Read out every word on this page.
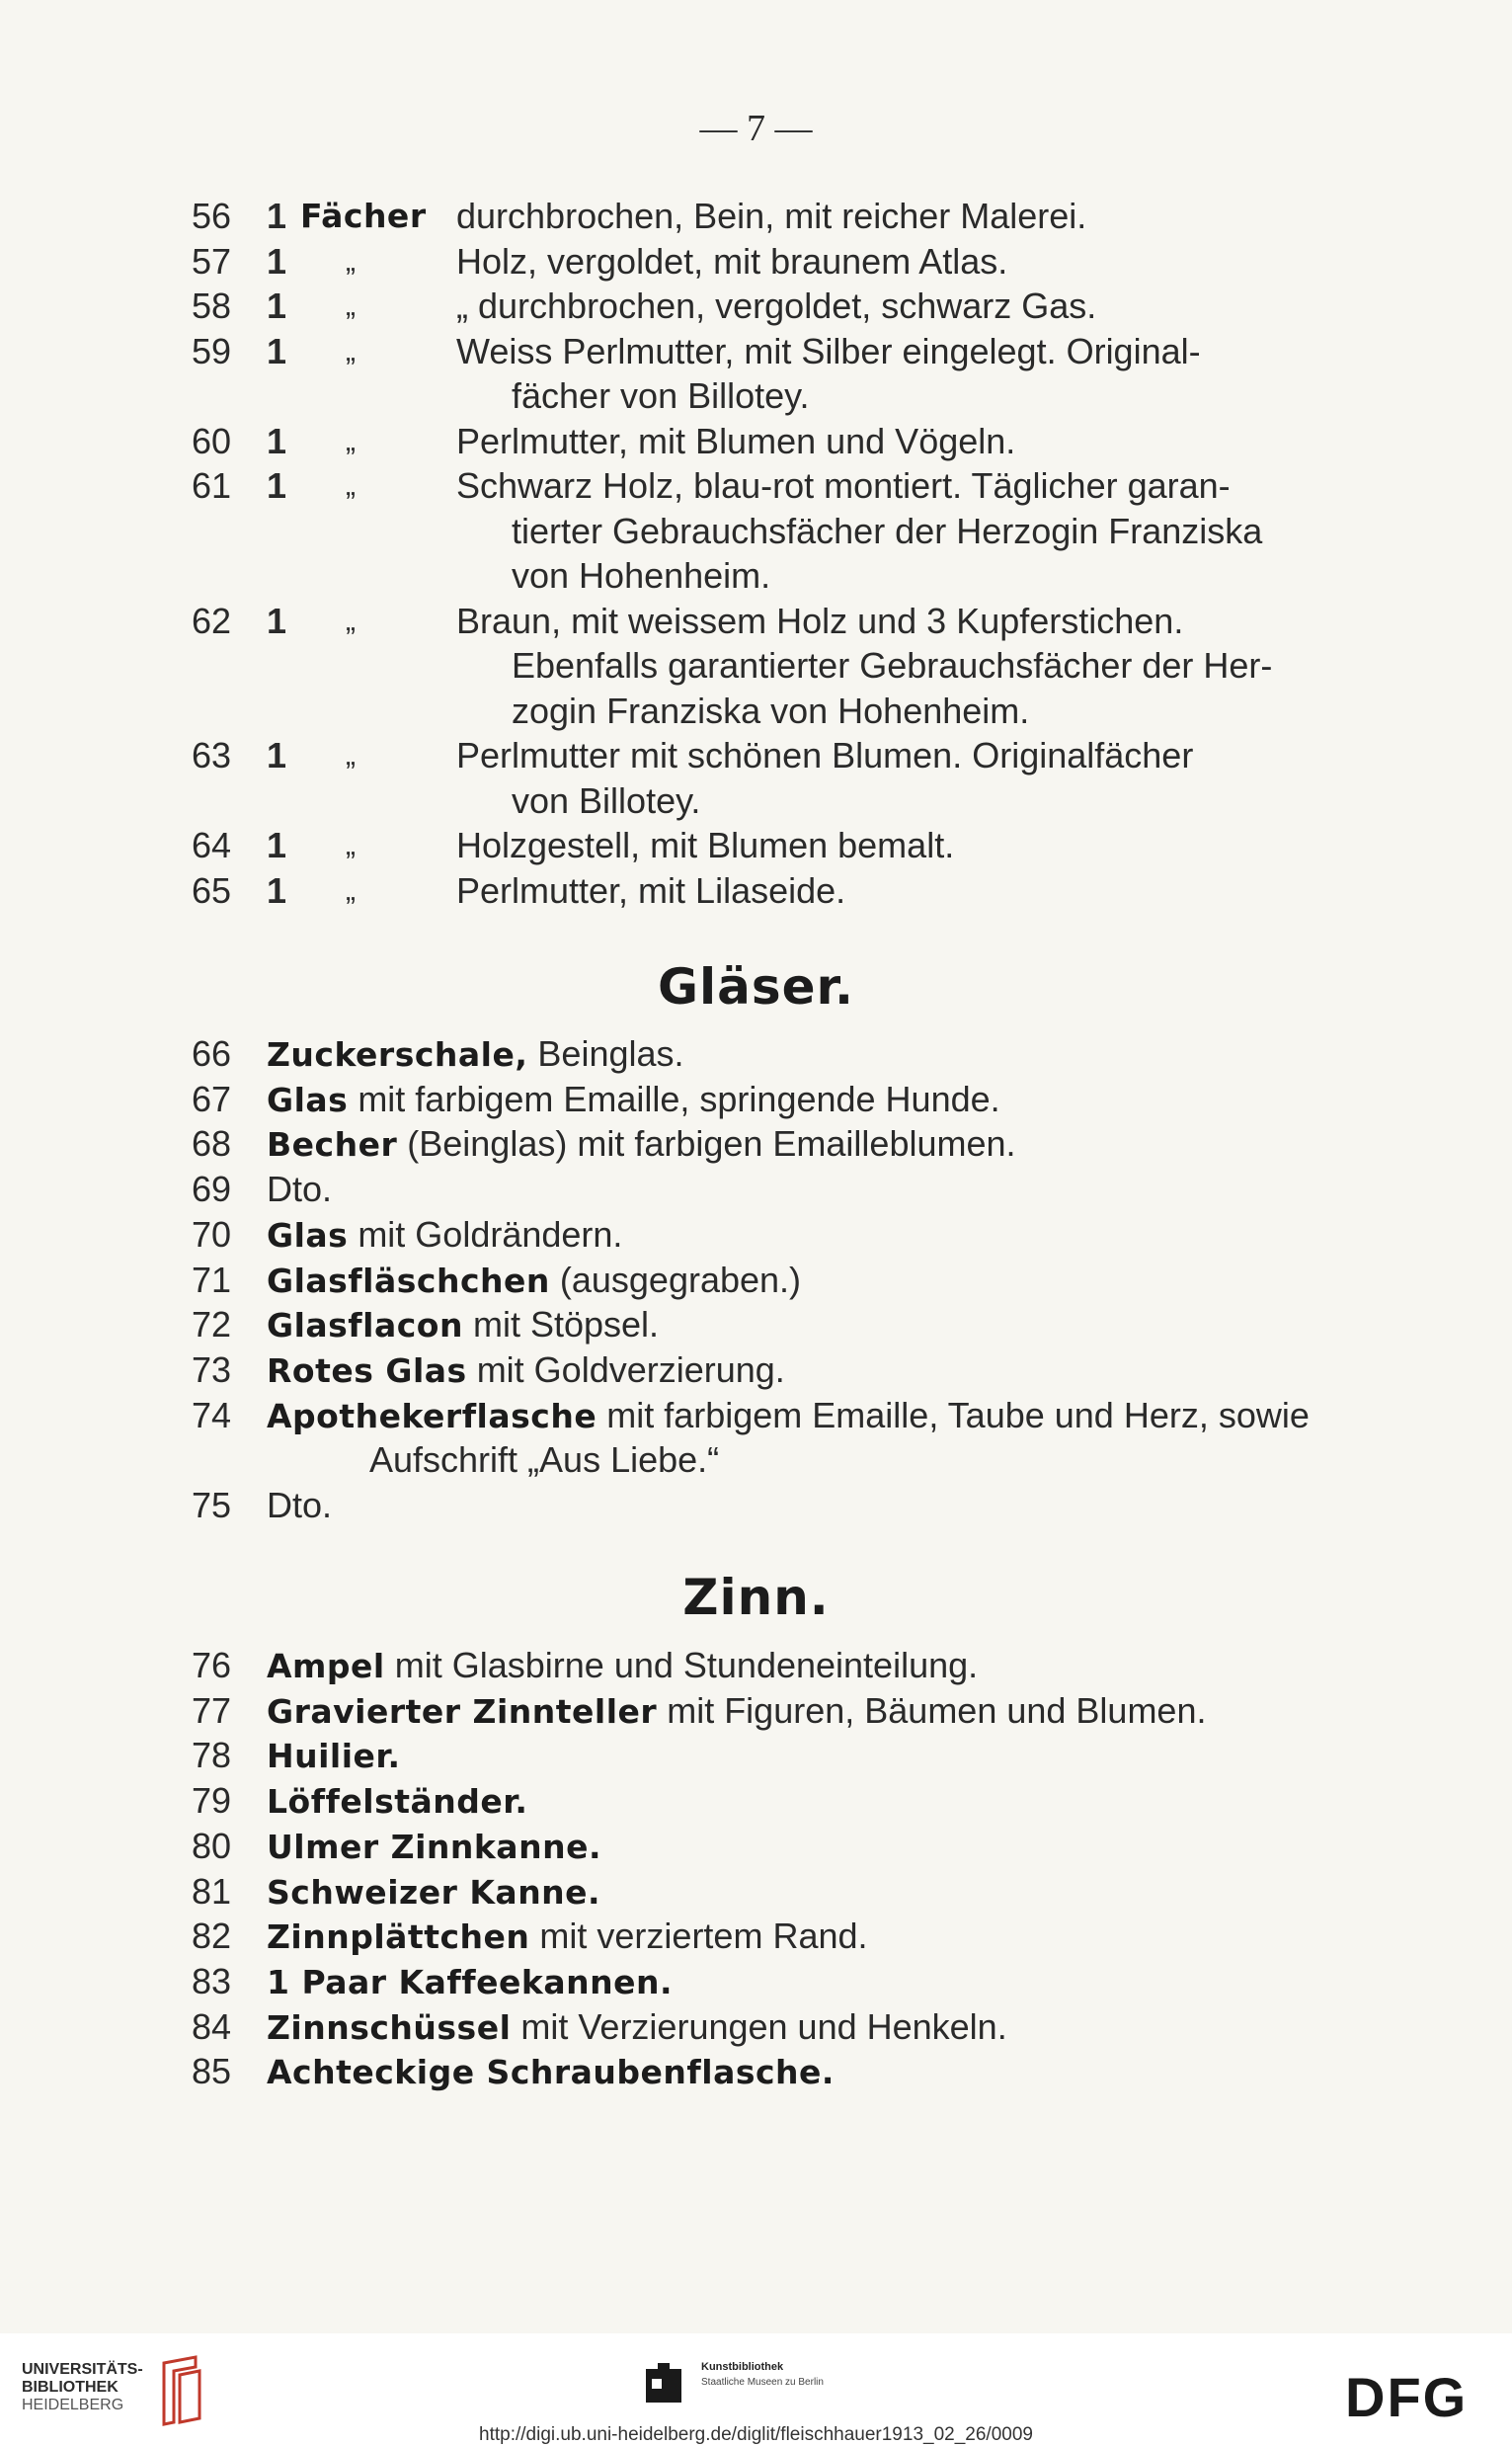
— 7 —
56 1 Fächer durchbrochen, Bein, mit reicher Malerei.
57 1 „	Holz, vergoldet, mit braunem Atlas.
58 1 „	„ durchbrochen, vergoldet, schwarz Gas.
59 1 „	Weiss Perlmutter, mit Silber eingelegt. Original-
fächer von Billotey.
60 1 „	Perlmutter, mit Blumen und Vögeln.
61 1 „	Schwarz Holz, blau-rot montiert. Täglicher garan-
tierter Gebrauchsfächer der Herzogin Franziska
von Hohenheim.
62 1 „	Braun, mit weissem Holz und 3 Kupferstichen.
Ebenfalls garantierter Gebrauchsfächer der Her-
zogin Franziska von Hohenheim.
63 1 „	Perlmutter mit schönen Blumen. Originalfächer
von Billotey.
64 1 „	Holzgestell, mit Blumen bemalt.
65 1 „	Perlmutter, mit Lilaseide.
Gläser.
66	Zuckerschale, Beinglas.
67	Glas mit farbigem Emaille, springende Hunde.
68	Becher (Beinglas) mit farbigen Emailleblumen.
69 Dto.
70	Glas mit Goldrändern.
71	Glasfläschchen (ausgegraben.)
72	Glasflacon mit Stöpsel.
73	Rotes Glas mit Goldverzierung.
74	Apothekerflasche mit farbigem Emaille, Taube und Herz, sowie
Aufschrift „Aus Liebe.“
75 Dto.
Zinn.
76	Ampel mit Glasbirne und Stundeneinteilung.
77	Gravierter Zinnteller mit Figuren, Bäumen und Blumen.
78	Huilier.
79	Löffelständer.
80	Ulmer Zinnkanne.
81	Schweizer Kanne.
82	Zinnplättchen mit verziertem Rand.
83	1 Paar Kaffeekannen.
84	Zinnschüssel mit Verzierungen und Henkeln.
85	Achteckige Schraubenflasche.
UNIVERSITÄTS-
BIBLIOTHEK
HEIDELBERG
Kunstbibliothek
Staatliche Museen zu Berlin	DFG
http://digi.ub.uni-heidelberg.de/diglit/fleischhauer1913_02_26/0009
